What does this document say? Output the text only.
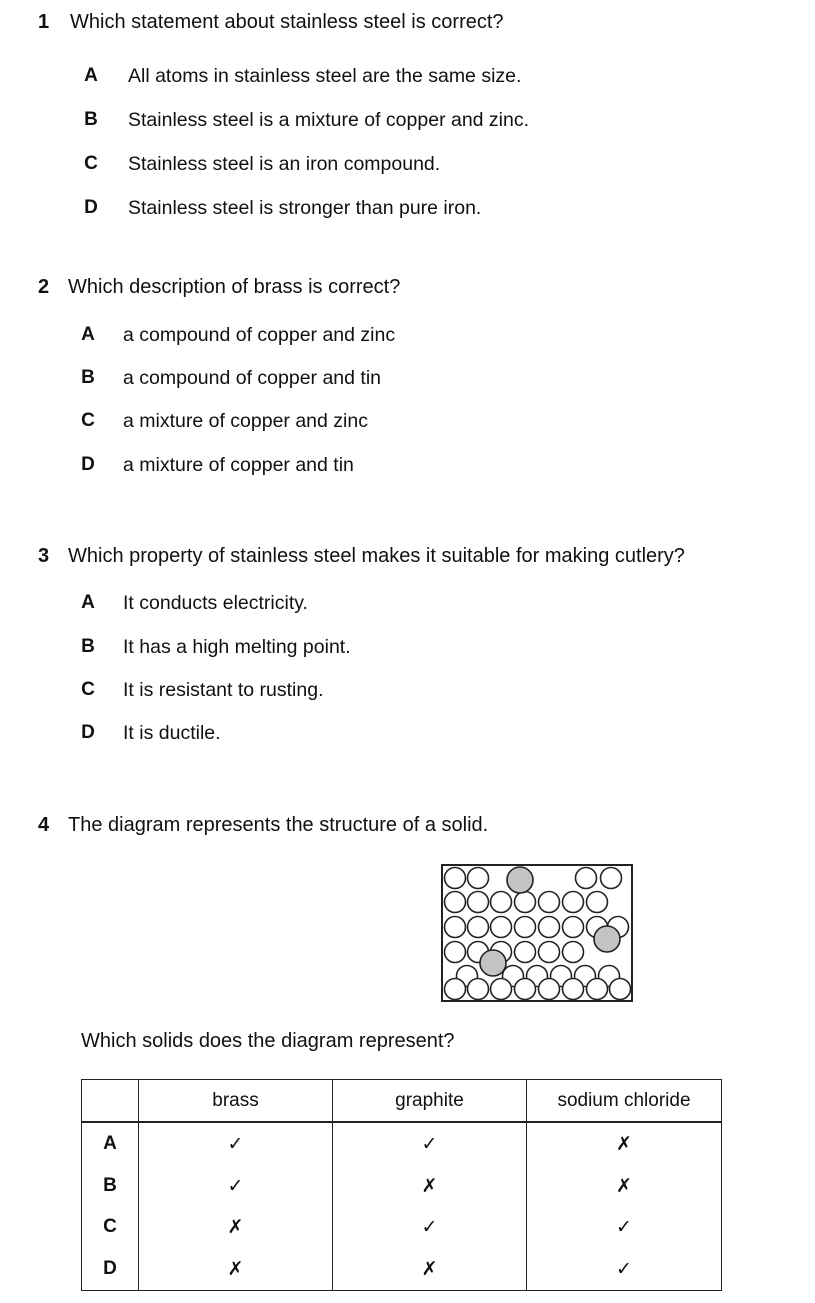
1 Which statement about stainless steel is correct?
A All atoms in stainless steel are the same size.
B Stainless steel is a mixture of copper and zinc.
C Stainless steel is an iron compound.
D Stainless steel is stronger than pure iron.
2 Which description of brass is correct?
A a compound of copper and zinc
B a compound of copper and tin
C a mixture of copper and zinc
D a mixture of copper and tin
3 Which property of stainless steel makes it suitable for making cutlery?
A It conducts electricity.
B It has a high melting point.
C It is resistant to rusting.
D It is ductile.
4 The diagram represents the structure of a solid.
Which solids does the diagram represent?
	brass	graphite	sodium chloride
A	✓	✓	✗
B	✓	✗	✗
C	✗	✓	✓
D	✗	✗	✓
